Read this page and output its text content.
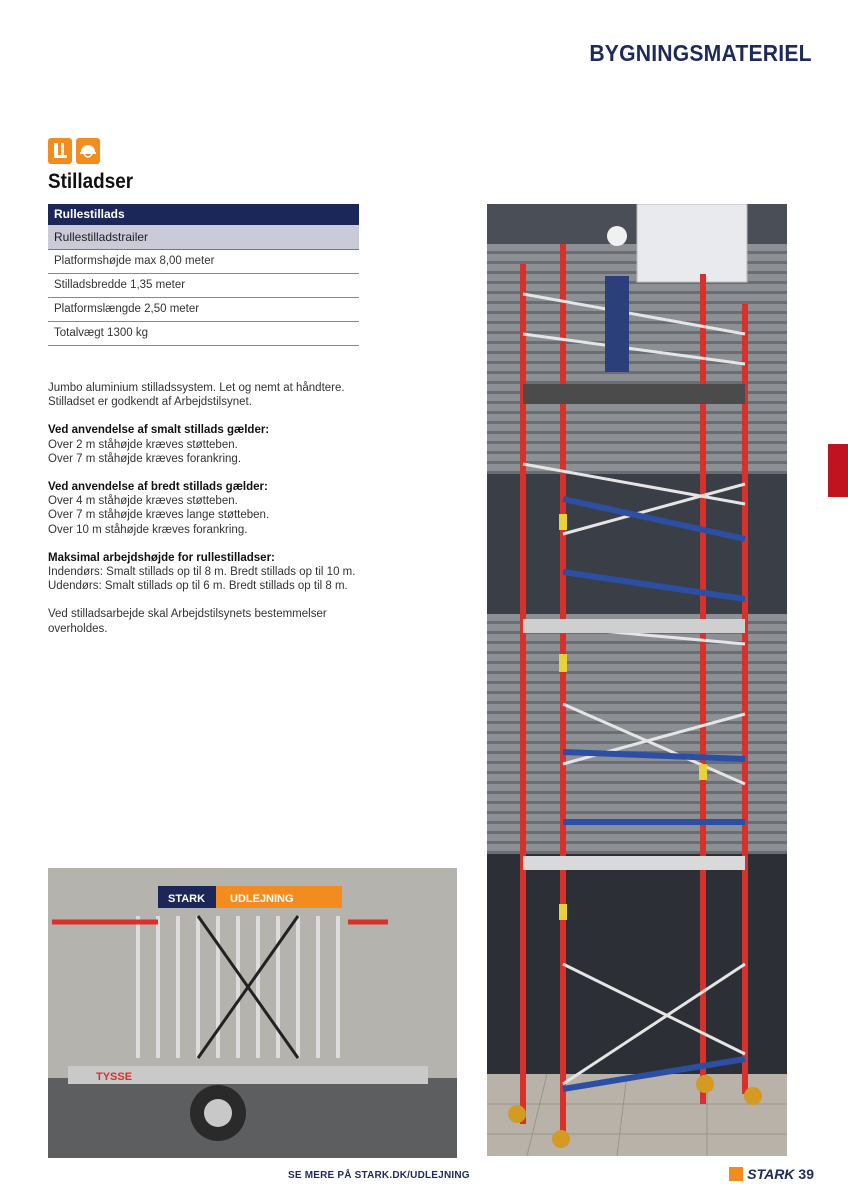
BYGNINGSMATERIEL
Stilladser
Rullestillads
Rullestilladstrailer
Platformshøjde max 8,00 meter
Stilladsbredde 1,35 meter
Platformslængde 2,50 meter
Totalvægt 1300 kg

Jumbo aluminium stilladssystem. Let og nemt at håndtere.
Stilladset er godkendt af Arbejdstilsynet.

Ved anvendelse af smalt stillads gælder:
Over 2 m ståhøjde kræves støtteben.
Over 7 m ståhøjde kræves forankring.

Ved anvendelse af bredt stillads gælder:
Over 4 m ståhøjde kræves støtteben.
Over 7 m ståhøjde kræves lange støtteben.
Over 10 m ståhøjde kræves forankring.

Maksimal arbejdshøjde for rullestilladser:
Indendørs: Smalt stillads op til 8 m. Bredt stillads op til 10 m.
Udendørs: Smalt stillads op til 6 m. Bredt stillads op til 8 m.

Ved stilladsarbejde skal Arbejdstilsynets bestemmelser overholdes.

STARK UDLEJNING
TYSSE
SE MERE PÅ STARK.DK/UDLEJNING	STARK 39
